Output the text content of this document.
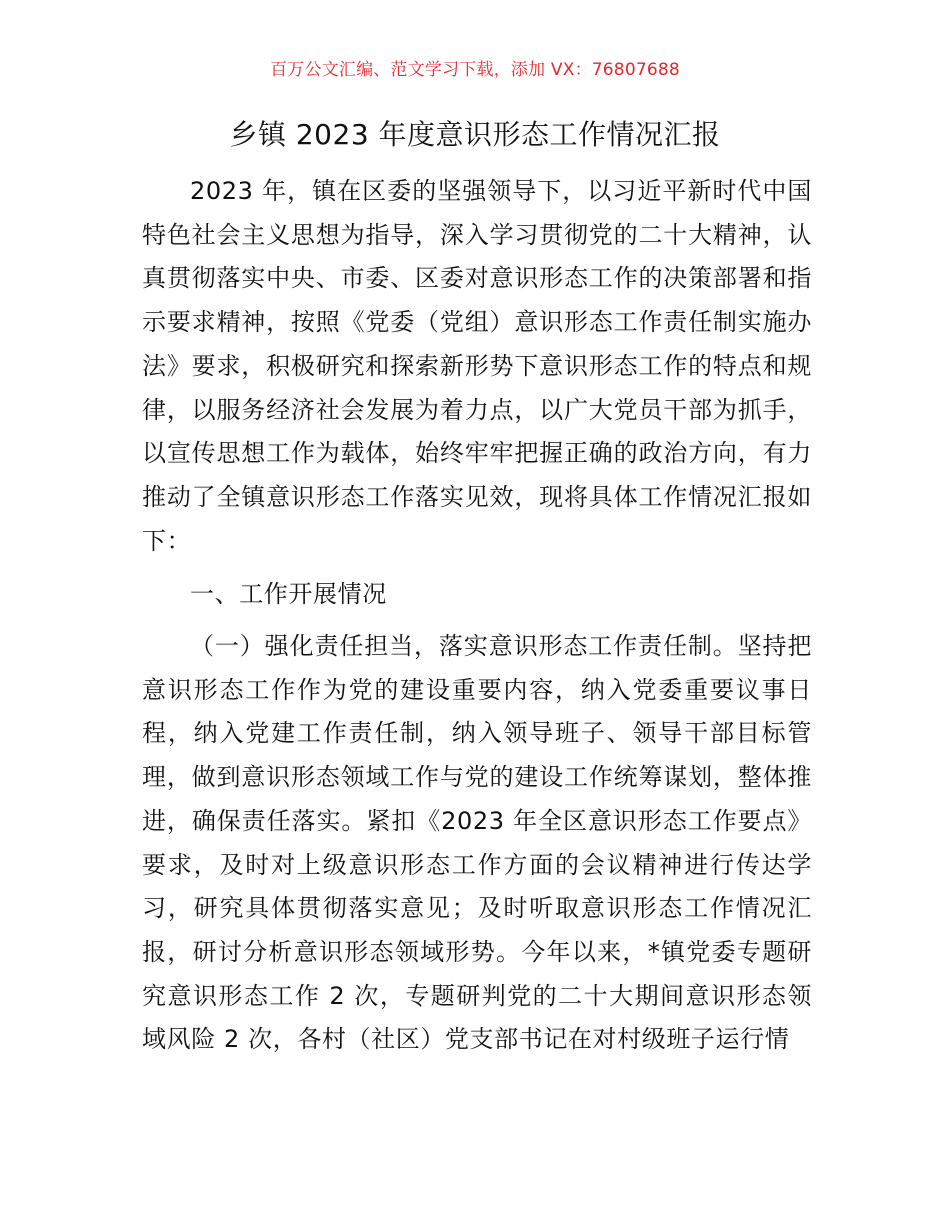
百万公文汇编、范文学习下载，添加 VX：76807688
乡镇 2023 年度意识形态工作情况汇报

2023 年，镇在区委的坚强领导下，以习近平新时代中国特色社会主义思想为指导，深入学习贯彻党的二十大精神，认真贯彻落实中央、市委、区委对意识形态工作的决策部署和指示要求精神，按照《党委（党组）意识形态工作责任制实施办法》要求，积极研究和探索新形势下意识形态工作的特点和规律，以服务经济社会发展为着力点，以广大党员干部为抓手，以宣传思想工作为载体，始终牢牢把握正确的政治方向，有力推动了全镇意识形态工作落实见效，现将具体工作情况汇报如下：

一、工作开展情况

（一）强化责任担当，落实意识形态工作责任制。坚持把意识形态工作作为党的建设重要内容，纳入党委重要议事日程，纳入党建工作责任制，纳入领导班子、领导干部目标管理，做到意识形态领域工作与党的建设工作统筹谋划，整体推进，确保责任落实。紧扣《2023 年全区意识形态工作要点》要求，及时对上级意识形态工作方面的会议精神进行传达学习，研究具体贯彻落实意见；及时听取意识形态工作情况汇报，研讨分析意识形态领域形势。今年以来，*镇党委专题研究意识形态工作 2 次，专题研判党的二十大期间意识形态领域风险 2 次，各村（社区）党支部书记在对村级班子运行情
